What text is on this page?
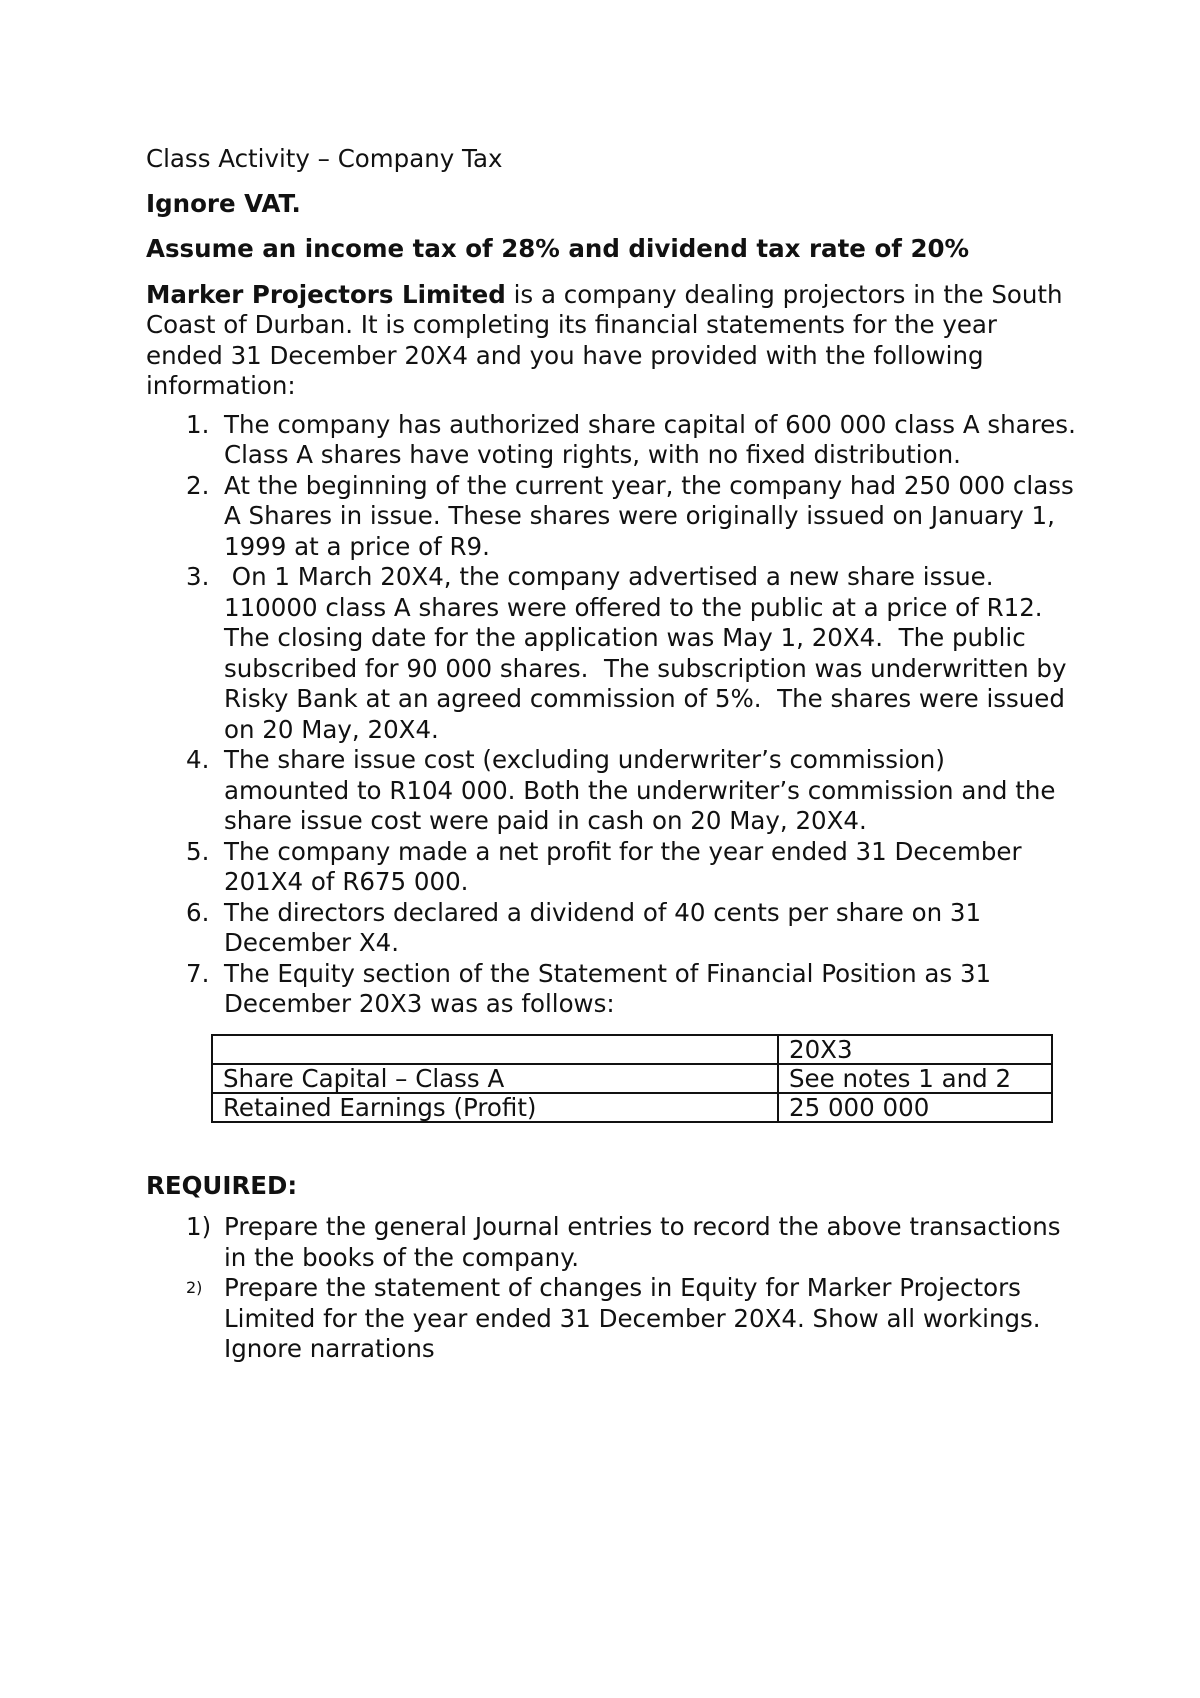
Class Activity – Company Tax

Ignore VAT.

Assume an income tax of 28% and dividend tax rate of 20%

Marker Projectors Limited is a company dealing projectors in the South Coast of Durban. It is completing its financial statements for the year ended 31 December 20X4 and you have provided with the following information:

1. The company has authorized share capital of 600 000 class A shares. Class A shares have voting rights, with no fixed distribution.
2. At the beginning of the current year, the company had 250 000 class A Shares in issue. These shares were originally issued on January 1, 1999 at a price of R9.
3. On 1 March 20X4, the company advertised a new share issue.  110000 class A shares were offered to the public at a price of R12.  The closing date for the application was May 1, 20X4.  The public subscribed for 90 000 shares.  The subscription was underwritten by Risky Bank at an agreed commission of 5%.  The shares were issued on 20 May, 20X4.
4. The share issue cost (excluding underwriter’s commission) amounted to R104 000. Both the underwriter’s commission and the share issue cost were paid in cash on 20 May, 20X4.
5. The company made a net profit for the year ended 31 December 201X4 of R675 000.
6. The directors declared a dividend of 40 cents per share on 31 December X4.
7. The Equity section of the Statement of Financial Position as 31 December 20X3 was as follows:
	20X3
Share Capital – Class A	See notes 1 and 2
Retained Earnings (Profit)	25 000 000

REQUIRED:

1) Prepare the general Journal entries to record the above transactions in the books of the company.
2) Prepare the statement of changes in Equity for Marker Projectors Limited for the year ended 31 December 20X4. Show all workings. Ignore narrations
